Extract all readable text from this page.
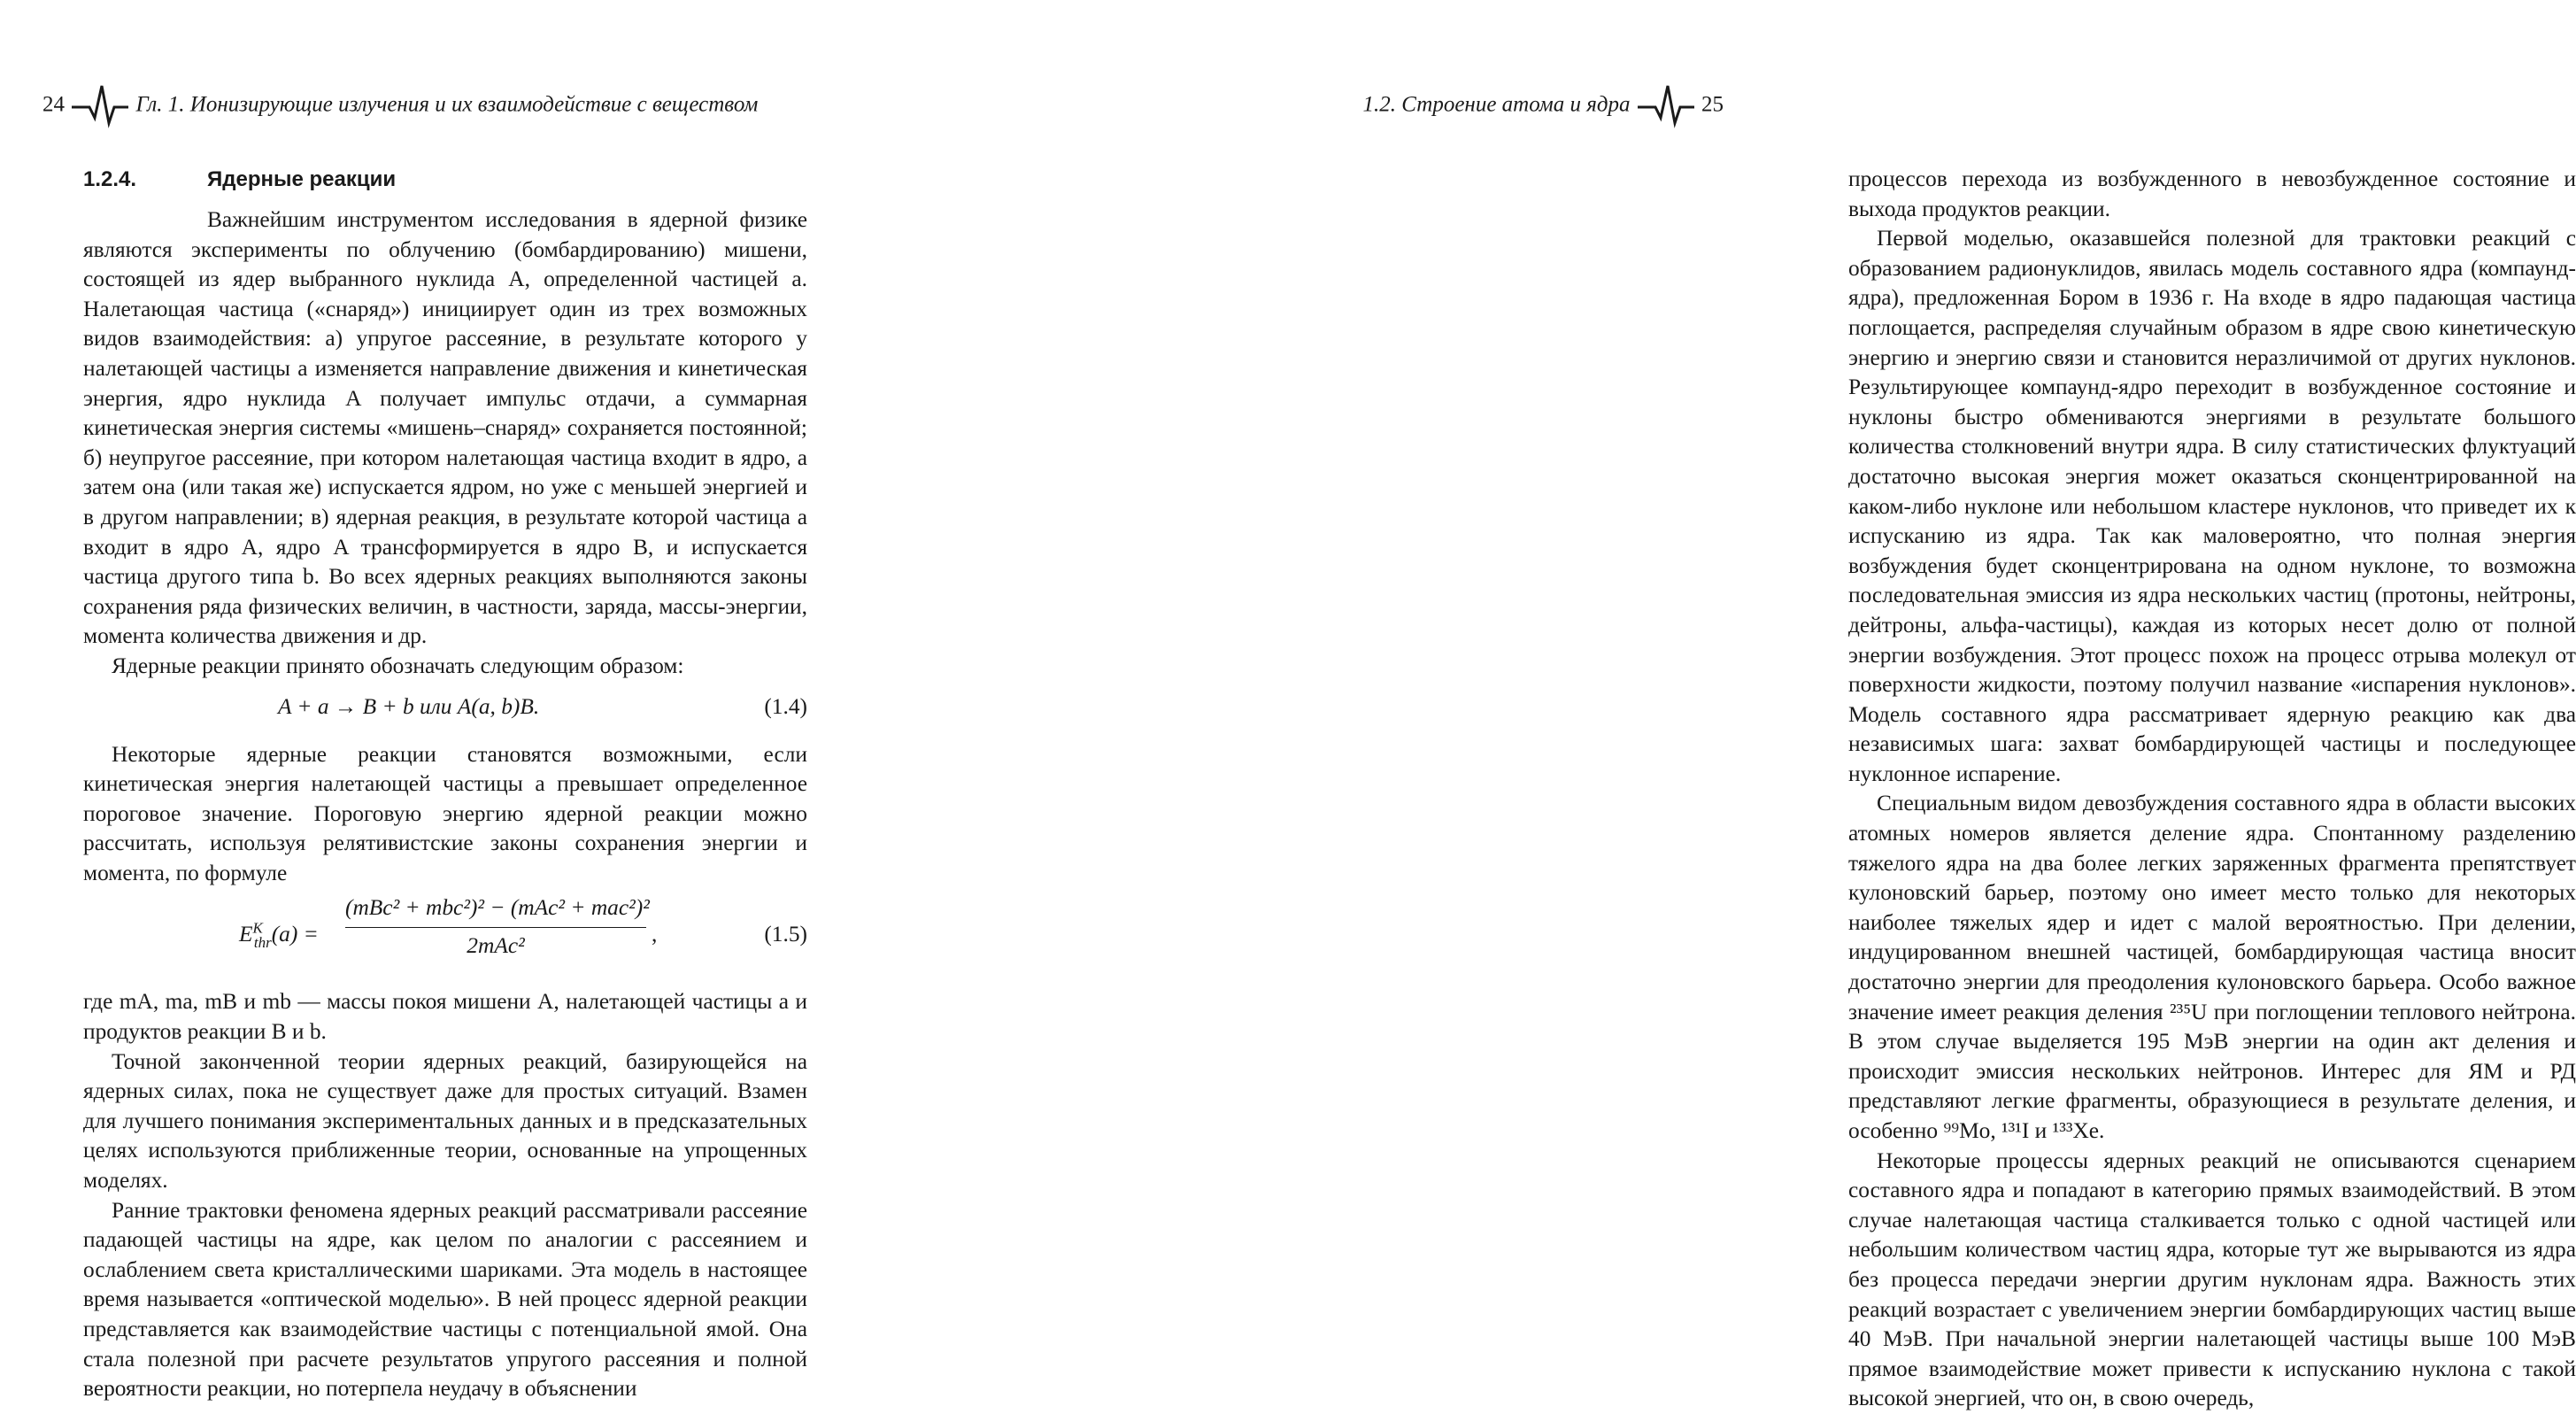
24	Гл. 1. Ионизирующие излучения и их взаимодействие с веществом
1.2.4.	Ядерные реакции

Важнейшим инструментом исследования в ядерной физике являются эксперименты по облучению (бомбардированию) мишени, состоящей из ядер выбранного нуклида A, определенной частицей a. Налетающая частица («снаряд») инициирует один из трех возможных видов взаимодействия: а) упругое рассеяние, в результате которого у налетающей частицы a изменяется направление движения и кинетическая энергия, ядро нуклида A получает импульс отдачи, а суммарная кинетическая энергия системы «мишень–снаряд» сохраняется постоянной; б) неупругое рассеяние, при котором налетающая частица входит в ядро, а затем она (или такая же) испускается ядром, но уже с меньшей энергией и в другом направлении; в) ядерная реакция, в результате которой частица a входит в ядро A, ядро A трансформируется в ядро B, и испускается частица другого типа b. Во всех ядерных реакциях выполняются законы сохранения ряда физических величин, в частности, заряда, массы-энергии, момента количества движения и др.

Ядерные реакции принято обозначать следующим образом:

A + a → B + b или A(a, b)B.	(1.4)

Некоторые ядерные реакции становятся возможными, если кинетическая энергия налетающей частицы a превышает определенное пороговое значение. Пороговую энергию ядерной реакции можно рассчитать, используя релятивистские законы сохранения энергии и момента, по формуле

$E^K_{thr}(a)$ =
(mBc² + mbc²)² − (mAc² + mac²)²
2mAc²	,	(1.5)

где mA, ma, mB и mb — массы покоя мишени A, налетающей частицы a и продуктов реакции B и b.

Точной законченной теории ядерных реакций, базирующейся на ядерных силах, пока не существует даже для простых ситуаций. Взамен для лучшего понимания экспериментальных данных и в предсказательных целях используются приближенные теории, основанные на упрощенных моделях.

Ранние трактовки феномена ядерных реакций рассматривали рассеяние падающей частицы на ядре, как целом по аналогии с рассеянием и ослаблением света кристаллическими шариками. Эта модель в настоящее время называется «оптической моделью». В ней процесс ядерной реакции представляется как взаимодействие частицы с потенциальной ямой. Она стала полезной при расчете результатов упругого рассеяния и полной вероятности реакции, но потерпела неудачу в объяснении

1.2. Строение атома и ядра	25

процессов перехода из возбужденного в невозбужденное состояние и выхода продуктов реакции.

Первой моделью, оказавшейся полезной для трактовки реакций с образованием радионуклидов, явилась модель составного ядра (компаунд-ядра), предложенная Бором в 1936 г. На входе в ядро падающая частица поглощается, распределяя случайным образом в ядре свою кинетическую энергию и энергию связи и становится неразличимой от других нуклонов. Результирующее компаунд-ядро переходит в возбужденное состояние и нуклоны быстро обмениваются энергиями в результате большого количества столкновений внутри ядра. В силу статистических флуктуаций достаточно высокая энергия может оказаться сконцентрированной на каком-либо нуклоне или небольшом кластере нуклонов, что приведет их к испусканию из ядра. Так как маловероятно, что полная энергия возбуждения будет сконцентрирована на одном нуклоне, то возможна последовательная эмиссия из ядра нескольких частиц (протоны, нейтроны, дейтроны, альфа-частицы), каждая из которых несет долю от полной энергии возбуждения. Этот процесс похож на процесс отрыва молекул от поверхности жидкости, поэтому получил название «испарения нуклонов». Модель составного ядра рассматривает ядерную реакцию как два независимых шага: захват бомбардирующей частицы и последующее нуклонное испарение.

Специальным видом девозбуждения составного ядра в области высоких атомных номеров является деление ядра. Спонтанному разделению тяжелого ядра на два более легких заряженных фрагмента препятствует кулоновский барьер, поэтому оно имеет место только для некоторых наиболее тяжелых ядер и идет с малой вероятностью. При делении, индуцированном внешней частицей, бомбардирующая частица вносит достаточно энергии для преодоления кулоновского барьера. Особо важное значение имеет реакция деления ²³⁵U при поглощении теплового нейтрона. В этом случае выделяется 195 МэВ энергии на один акт деления и происходит эмиссия нескольких нейтронов. Интерес для ЯМ и РД представляют легкие фрагменты, образующиеся в результате деления, и особенно ⁹⁹Mo, ¹³¹I и ¹³³Xe.

Некоторые процессы ядерных реакций не описываются сценарием составного ядра и попадают в категорию прямых взаимодействий. В этом случае налетающая частица сталкивается только с одной частицей или небольшим количеством частиц ядра, которые тут же вырываются из ядра без процесса передачи энергии другим нуклонам ядра. Важность этих реакций возрастает с увеличением энергии бомбардирующих частиц выше 40 МэВ. При начальной энергии налетающей частицы выше 100 МэВ прямое взаимодействие может привести к испусканию нуклона с такой высокой энергией, что он, в свою очередь,
